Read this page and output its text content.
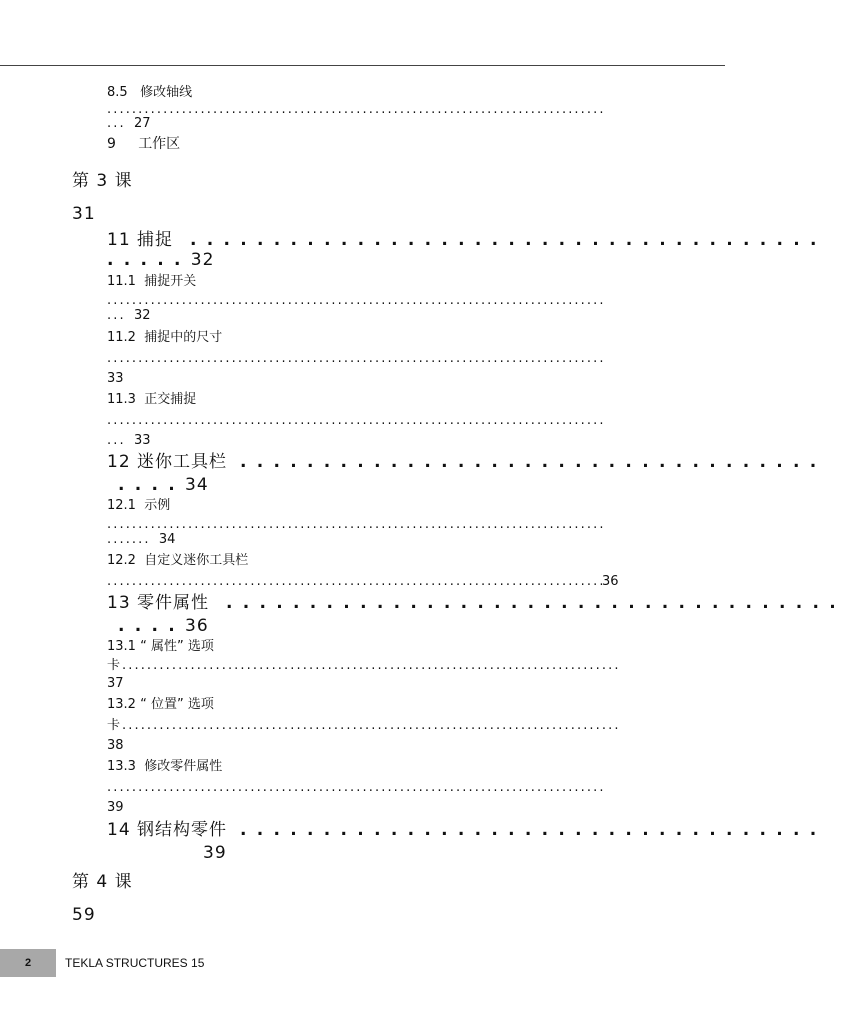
8.5 修改轴线
................................................................................
... 27
9 工作区
第 3 课
31
11 捕捉 ......................................
.....32
11.1 捕捉开关
................................................................................
... 32
11.2 捕捉中的尺寸
................................................................................
33
11.3 正交捕捉
................................................................................
... 33
12 迷你工具栏 ...................................
....34
12.1 示例
................................................................................
....... 34
12.2 自定义迷你工具栏
................................................................................
36
13 零件属性 .....................................
....36
13.1 “ 属性” 选项
卡 ................................................................................
37
13.2 “ 位置” 选项
卡 ................................................................................
38
13.3 修改零件属性
................................................................................
39
14 钢结构零件 ...................................
39
第 4 课
59
2	TEKLA STRUCTURES 15
